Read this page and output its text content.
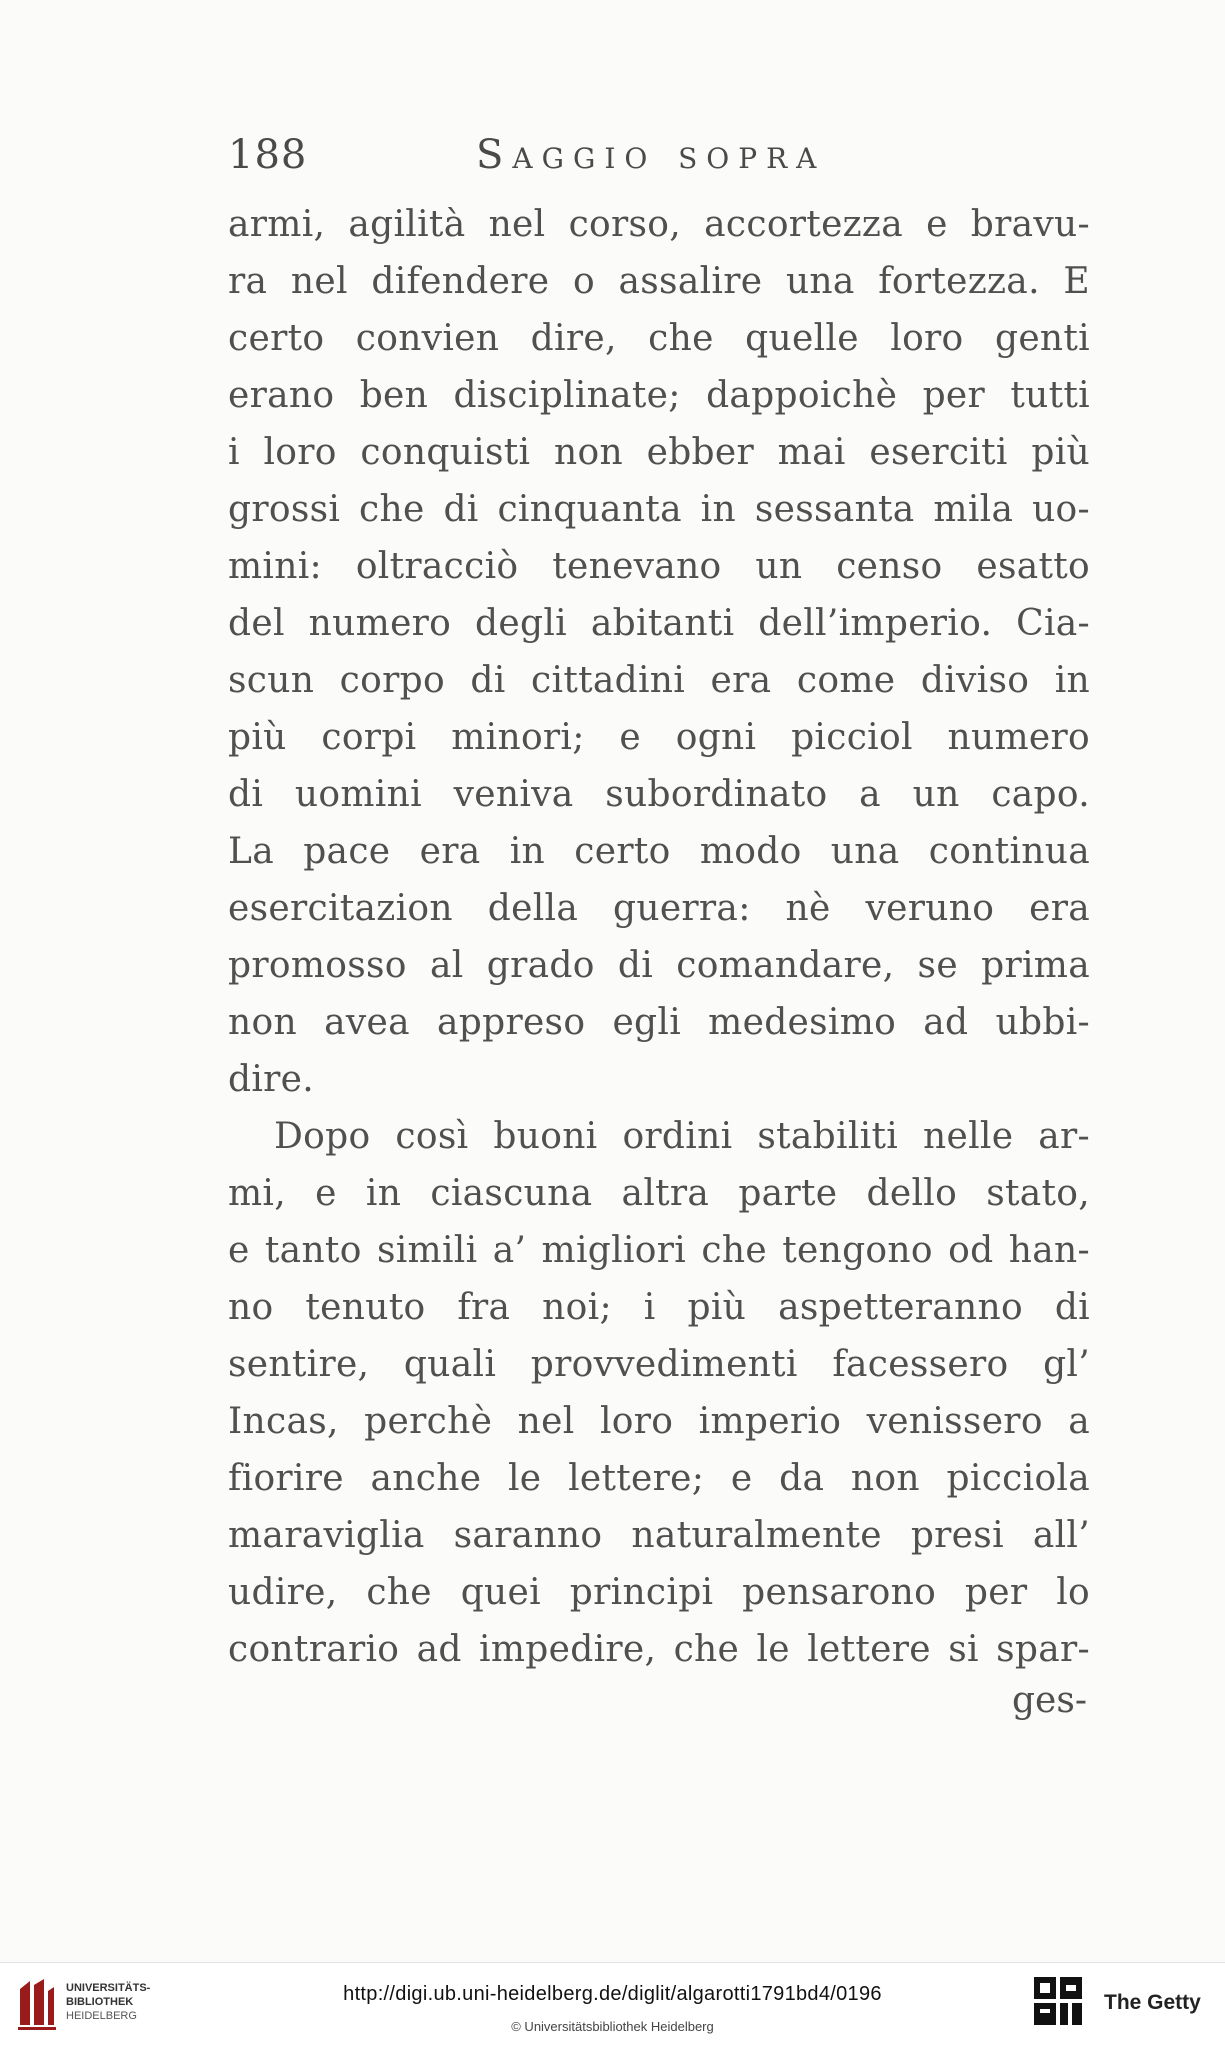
188	Saggio sopra
armi, agilità nel corso, accortezza e bravu-
ra nel difendere o assalire una fortezza. E
certo convien dire, che quelle loro genti
erano ben disciplinate; dappoichè per tutti
i loro conquisti non ebber mai eserciti più
grossi che di cinquanta in sessanta mila uo-
mini: oltracciò tenevano un censo esatto
del numero degli abitanti dell’imperio. Cia-
scun corpo di cittadini era come diviso in
più corpi minori; e ogni picciol numero
di uomini veniva subordinato a un capo.
La pace era in certo modo una continua
esercitazion della guerra: nè veruno era
promosso al grado di comandare, se prima
non avea appreso egli medesimo ad ubbi-
dire.
Dopo così buoni ordini stabiliti nelle ar-
mi, e in ciascuna altra parte dello stato,
e tanto simili a’ migliori che tengono od han-
no tenuto fra noi; i più aspetteranno di
sentire, quali provvedimenti facessero gl’
Incas, perchè nel loro imperio venissero a
fiorire anche le lettere; e da non picciola
maraviglia saranno naturalmente presi all’
udire, che quei principi pensarono per lo
contrario ad impedire, che le lettere si spar-
ges-
UNIVERSITÄTS-
BIBLIOTHEK
HEIDELBERG
http://digi.ub.uni-heidelberg.de/diglit/algarotti1791bd4/0196
© Universitätsbibliothek Heidelberg
The Getty
